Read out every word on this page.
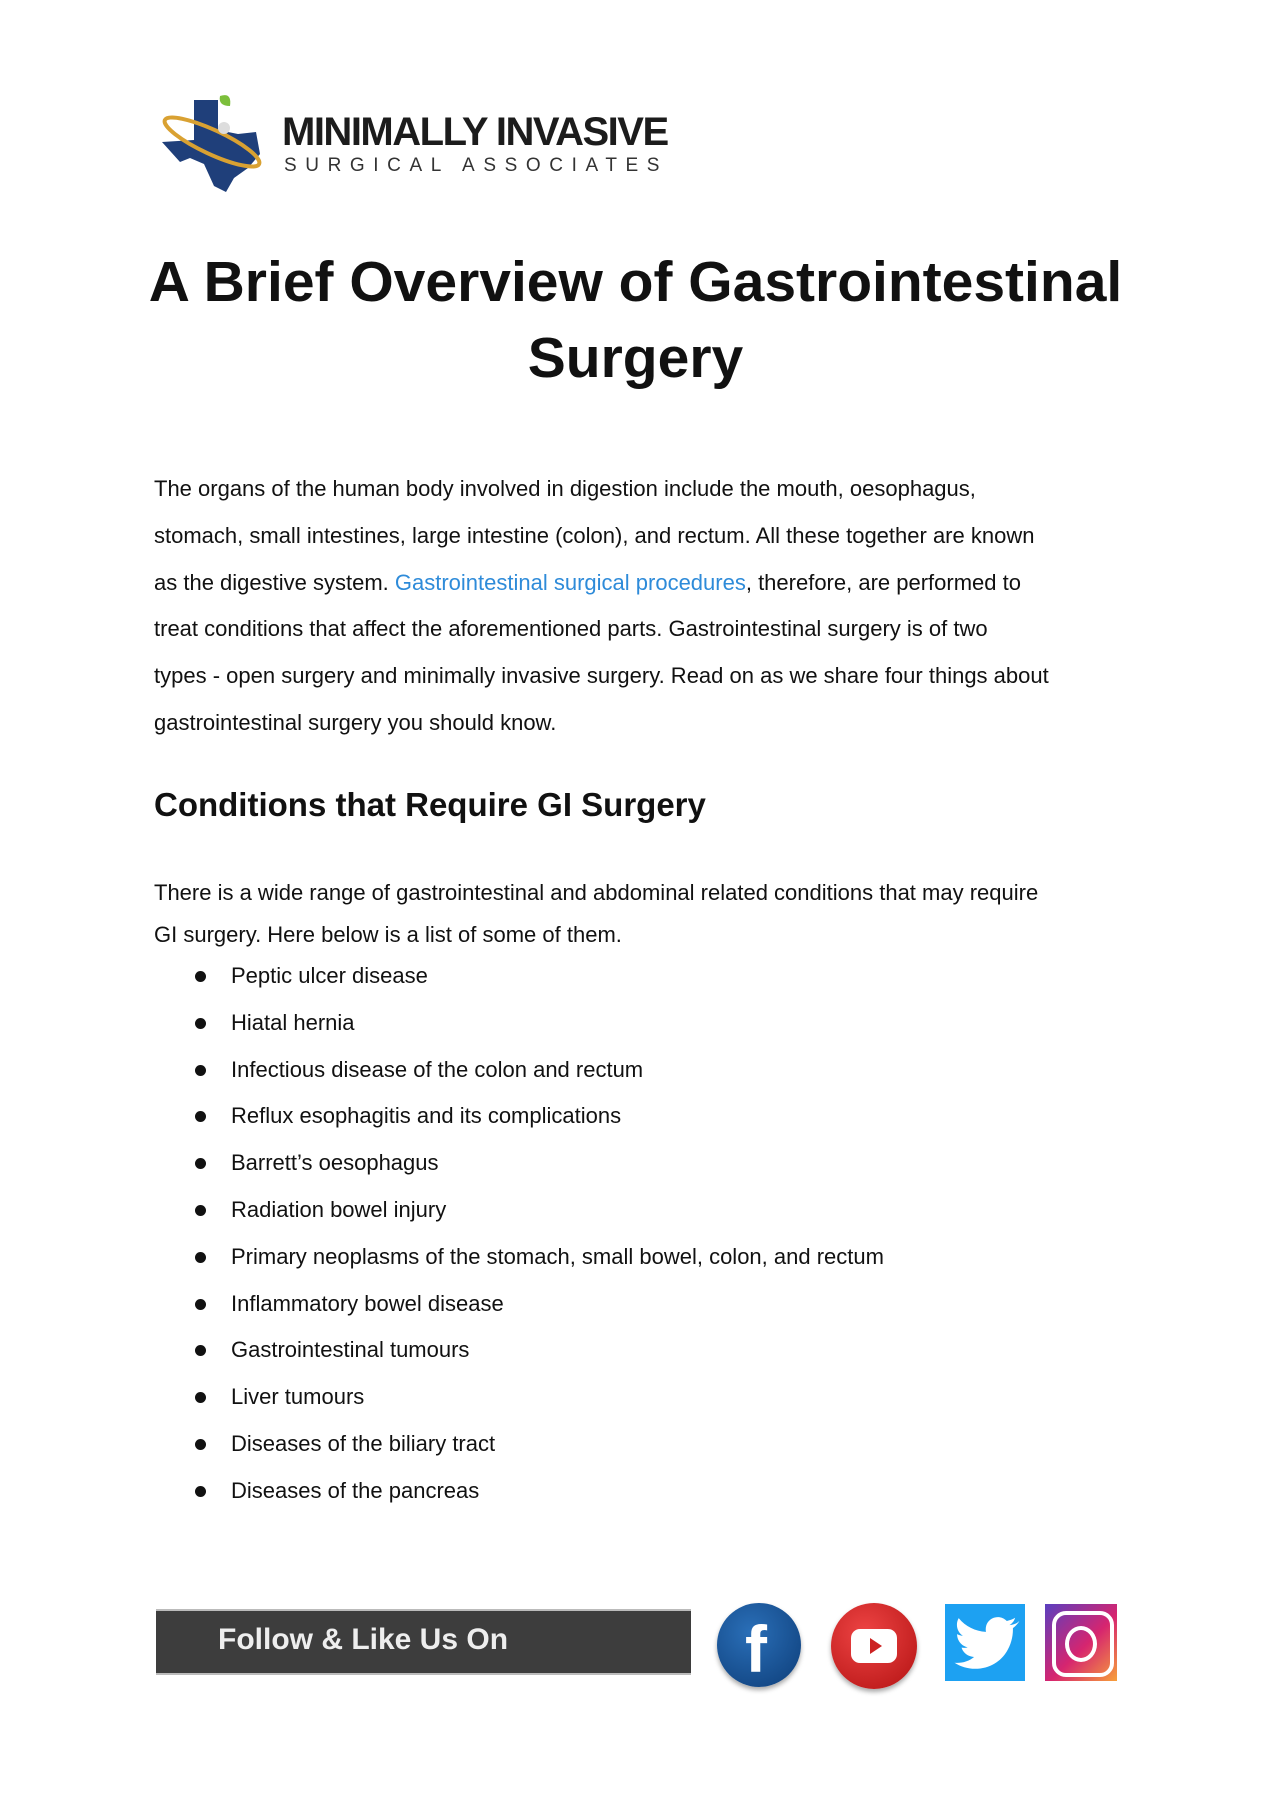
MINIMALLY INVASIVE
SURGICAL ASSOCIATES
A Brief Overview of Gastrointestinal
Surgery
The organs of the human body involved in digestion include the mouth, oesophagus,
stomach, small intestines, large intestine (colon), and rectum. All these together are known
as the digestive system. Gastrointestinal surgical procedures, therefore, are performed to
treat conditions that affect the aforementioned parts. Gastrointestinal surgery is of two
types - open surgery and minimally invasive surgery. Read on as we share four things about
gastrointestinal surgery you should know.
Conditions that Require GI Surgery
There is a wide range of gastrointestinal and abdominal related conditions that may require
GI surgery. Here below is a list of some of them.
Peptic ulcer disease
Hiatal hernia
Infectious disease of the colon and rectum
Reflux esophagitis and its complications
Barrett’s oesophagus
Radiation bowel injury
Primary neoplasms of the stomach, small bowel, colon, and rectum
Inflammatory bowel disease
Gastrointestinal tumours
Liver tumours
Diseases of the biliary tract
Diseases of the pancreas
Follow & Like Us On	f
